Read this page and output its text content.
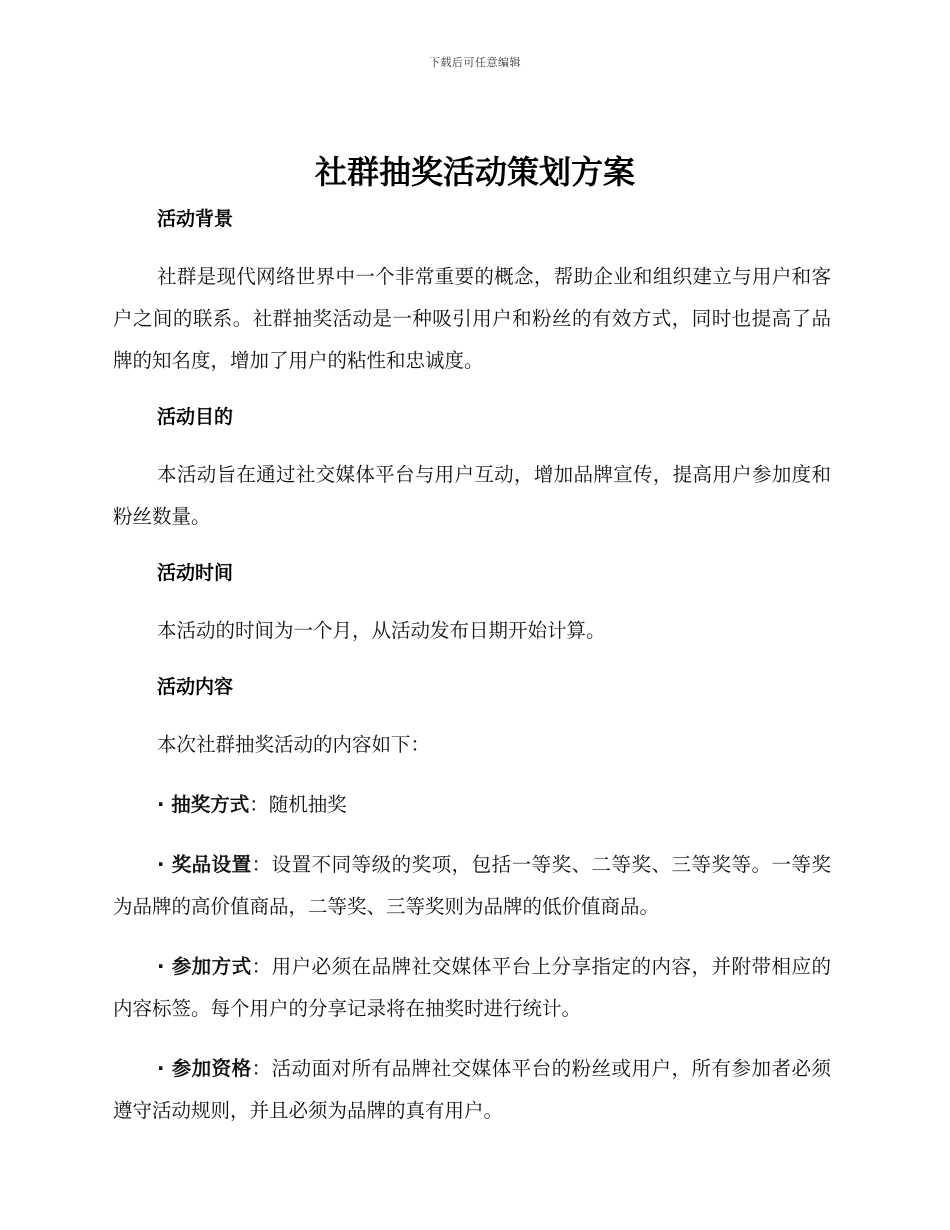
下载后可任意编辑
社群抽奖活动策划方案
活动背景

社群是现代网络世界中一个非常重要的概念，帮助企业和组织建立与用户和客户之间的联系。社群抽奖活动是一种吸引用户和粉丝的有效方式，同时也提高了品牌的知名度，增加了用户的粘性和忠诚度。

活动目的

本活动旨在通过社交媒体平台与用户互动，增加品牌宣传，提高用户参加度和粉丝数量。

活动时间

本活动的时间为一个月，从活动发布日期开始计算。

活动内容

本次社群抽奖活动的内容如下：

· 抽奖方式：随机抽奖

· 奖品设置：设置不同等级的奖项，包括一等奖、二等奖、三等奖等。一等奖为品牌的高价值商品，二等奖、三等奖则为品牌的低价值商品。

· 参加方式：用户必须在品牌社交媒体平台上分享指定的内容，并附带相应的内容标签。每个用户的分享记录将在抽奖时进行统计。

· 参加资格：活动面对所有品牌社交媒体平台的粉丝或用户，所有参加者必须遵守活动规则，并且必须为品牌的真有用户。
